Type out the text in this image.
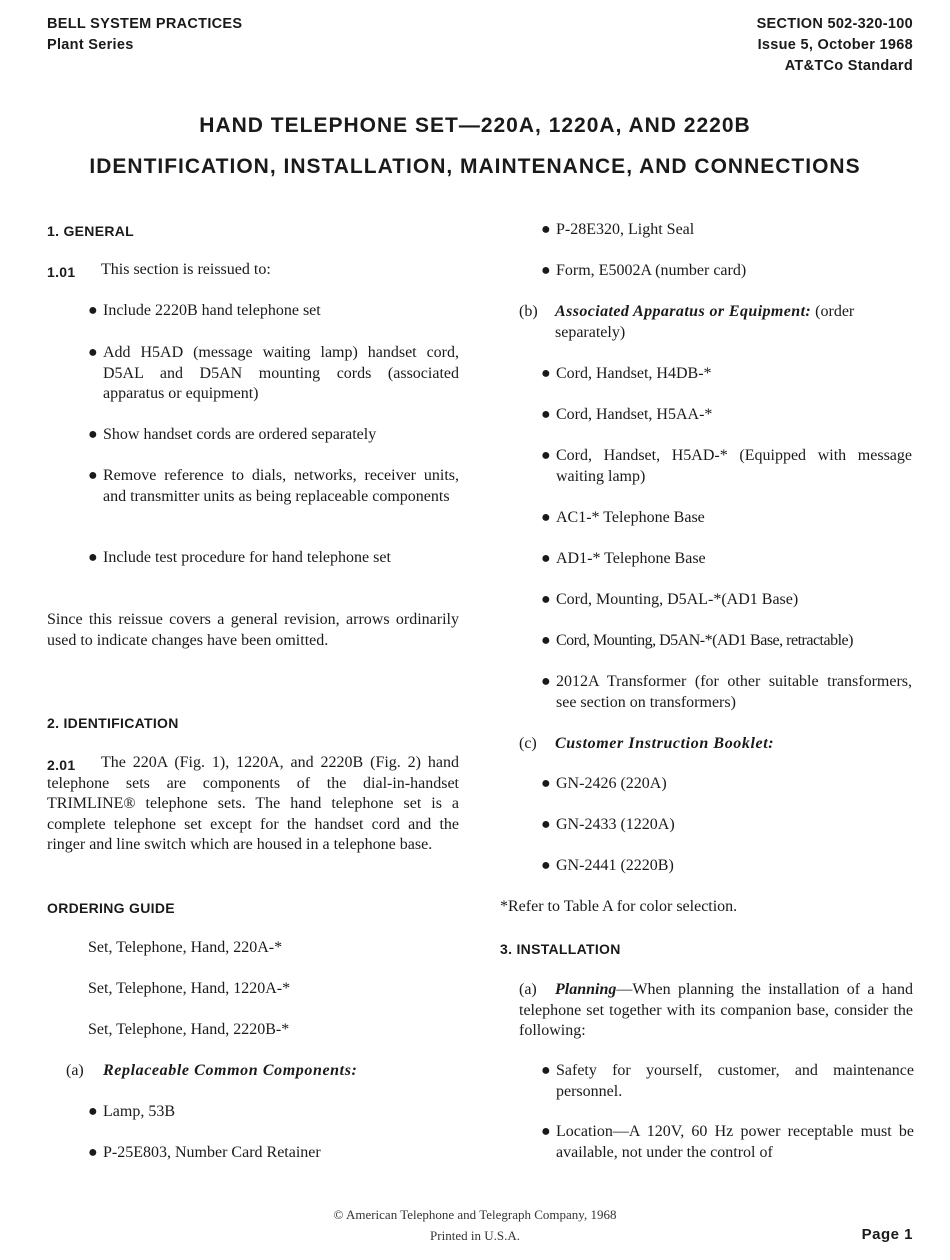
BELL SYSTEM PRACTICES
Plant Series
SECTION 502-320-100
Issue 5, October 1968
AT&TCo Standard
HAND TELEPHONE SET—220A, 1220A, AND 2220B
IDENTIFICATION, INSTALLATION, MAINTENANCE, AND CONNECTIONS
1. GENERAL
1.01 This section is reissued to:
● Include 2220B hand telephone set
● Add H5AD (message waiting lamp) handset cord, D5AL and D5AN mounting cords (associated apparatus or equipment)
● Show handset cords are ordered separately
● Remove reference to dials, networks, receiver units, and transmitter units as being replaceable components
● Include test procedure for hand telephone set
Since this reissue covers a general revision, arrows ordinarily used to indicate changes have been omitted.
2. IDENTIFICATION
2.01	The 220A (Fig. 1), 1220A, and 2220B (Fig. 2) hand telephone sets are components of the dial-in-handset TRIMLINE® telephone sets. The hand telephone set is a complete telephone set except for the handset cord and the ringer and line switch which are housed in a telephone base.
ORDERING GUIDE
Set, Telephone, Hand, 220A-*
Set, Telephone, Hand, 1220A-*
Set, Telephone, Hand, 2220B-*
(a) Replaceable Common Components:
● Lamp, 53B
● P-25E803, Number Card Retainer
● P-28E320, Light Seal
● Form, E5002A (number card)
(b) Associated Apparatus or Equipment: (order separately)
● Cord, Handset, H4DB-*
● Cord, Handset, H5AA-*
● Cord, Handset, H5AD-* (Equipped with message waiting lamp)
● AC1-* Telephone Base
● AD1-* Telephone Base
● Cord, Mounting, D5AL-*(AD1 Base)
● Cord, Mounting, D5AN-*(AD1 Base, retractable)
● 2012A Transformer (for other suitable transformers, see section on transformers)
(c) Customer Instruction Booklet:
● GN-2426 (220A)
● GN-2433 (1220A)
● GN-2441 (2220B)
*Refer to Table A for color selection.
3. INSTALLATION
(a)	Planning—When planning the installation of a hand telephone set together with its companion base, consider the following:
● Safety for yourself, customer, and maintenance personnel.
● Location—A 120V, 60 Hz power receptable must be available, not under the control of
© American Telephone and Telegraph Company, 1968
Printed in U.S.A.	Page 1
